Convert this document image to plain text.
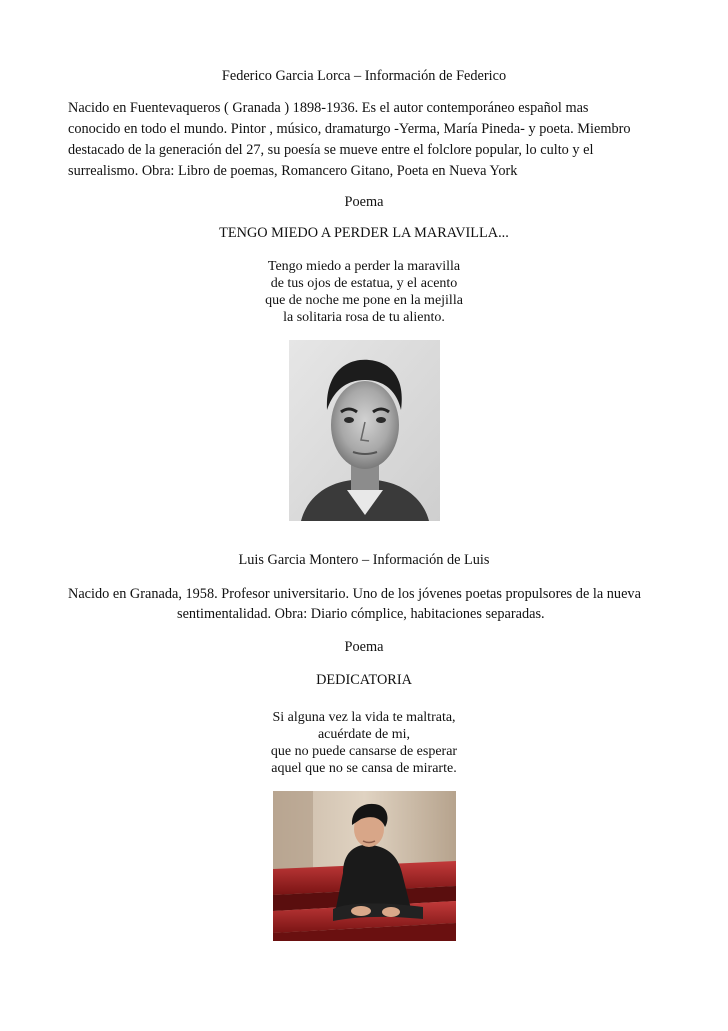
Federico Garcia Lorca – Información de Federico
Nacido en Fuentevaqueros ( Granada ) 1898-1936. Es el autor contemporáneo español mas
conocido en todo el mundo. Pintor , músico, dramaturgo -Yerma, María Pineda- y poeta. Miembro
destacado de la generación del 27, su poesía se mueve entre el folclore popular, lo culto y el
surrealismo. Obra: Libro de poemas, Romancero Gitano, Poeta en Nueva York
Poema
TENGO MIEDO A PERDER LA MARAVILLA...
Tengo miedo a perder la maravilla
de tus ojos de estatua, y el acento
que de noche me pone en la mejilla
la solitaria rosa de tu aliento.
Luis Garcia Montero – Información de Luis
Nacido en Granada, 1958. Profesor universitario. Uno de los jóvenes poetas propulsores de la nueva
sentimentalidad. Obra: Diario cómplice, habitaciones separadas.
Poema
DEDICATORIA
Si alguna vez la vida te maltrata,
acuérdate de mi,
que no puede cansarse de esperar
aquel que no se cansa de mirarte.
